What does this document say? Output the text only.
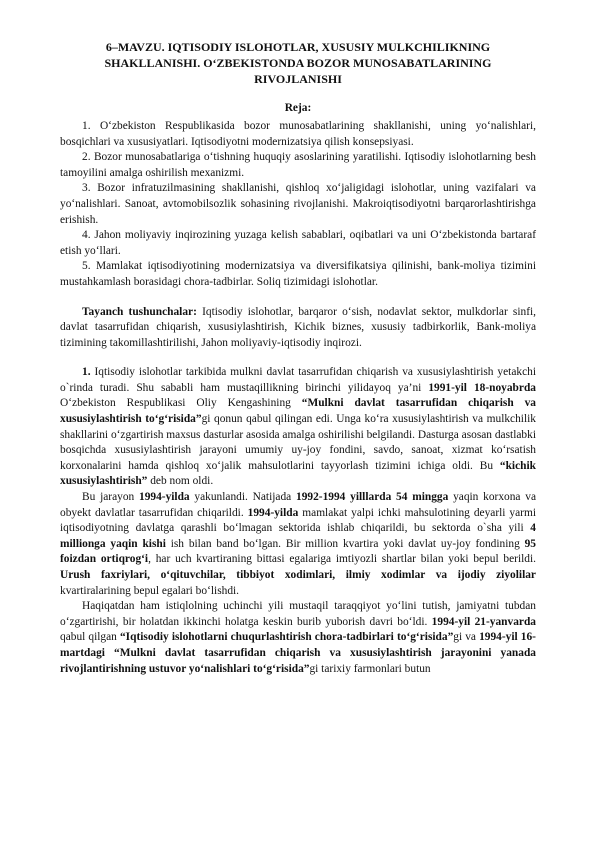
6–MAVZU. IQTISODIY ISLOHOTLAR, XUSUSIY MULKCHILIKNING
SHAKLLANISHI. O‘ZBEKISTONDA BOZOR MUNOSABATLARINING
RIVOJLANISHI
Reja:

1. O‘zbekiston Respublikasida bozor munosabatlarining shakllanishi, uning yo‘nalishlari, bosqichlari va xususiyatlari. Iqtisodiyotni modernizatsiya qilish konsepsiyasi.

2. Bozor munosabatlariga o‘tishning huquqiy asoslarining yaratilishi. Iqtisodiy islohotlarning besh tamoyilini amalga oshirilish mexanizmi.

3. Bozor infratuzilmasining shakllanishi, qishloq xo‘jaligidagi islohotlar, uning vazifalari va yo‘nalishlari. Sanoat, avtomobilsozlik sohasining rivojlanishi. Makroiqtisodiyotni barqarorlashtirishga erishish.

4. Jahon moliyaviy inqirozining yuzaga kelish sabablari, oqibatlari va uni O‘zbekistonda bartaraf etish yo‘llari.

5. Mamlakat iqtisodiyotining modernizatsiya va diversifikatsiya qilinishi, bank-moliya tizimini mustahkamlash borasidagi chora-tadbirlar. Soliq tizimidagi islohotlar.

Tayanch tushunchalar: Iqtisodiy islohotlar, barqaror o‘sish, nodavlat sektor, mulkdorlar sinfi, davlat tasarrufidan chiqarish, xususiylashtirish, Kichik biznes, xususiy tadbirkorlik, Bank-moliya tizimining takomillashtirilishi, Jahon moliyaviy-iqtisodiy inqirozi.

1. Iqtisodiy islohotlar tarkibida mulkni davlat tasarrufidan chiqarish va xususiylashtirish yetakchi o`rinda turadi. Shu sababli ham mustaqillikning birinchi yilidayoq ya’ni 1991-yil 18-noyabrda O‘zbekiston Respublikasi Oliy Kengashining “Mulkni davlat tasarrufidan chiqarish va xususiylashtirish to‘g‘risida”gi qonun qabul qilingan edi. Unga ko‘ra xususiylashtirish va mulkchilik shakllarini o‘zgartirish maxsus dasturlar asosida amalga oshirilishi belgilandi. Dasturga asosan dastlabki bosqichda xususiylashtirish jarayoni umumiy uy-joy fondini, savdo, sanoat, xizmat ko‘rsatish korxonalarini hamda qishloq xo‘jalik mahsulotlarini tayyorlash tizimini ichiga oldi. Bu “kichik xususiylashtirish” deb nom oldi.

Bu jarayon 1994-yilda yakunlandi. Natijada 1992-1994 yilllarda 54 mingga yaqin korxona va obyekt davlatlar tasarrufidan chiqarildi. 1994-yilda mamlakat yalpi ichki mahsulotining deyarli yarmi iqtisodiyotning davlatga qarashli bo‘lmagan sektorida ishlab chiqarildi, bu sektorda o`sha yili 4 millionga yaqin kishi ish bilan band bo‘lgan. Bir million kvartira yoki davlat uy-joy fondining 95 foizdan ortiqrog‘i, har uch kvartiraning bittasi egalariga imtiyozli shartlar bilan yoki bepul berildi. Urush faxriylari, o‘qituvchilar, tibbiyot xodimlari, ilmiy xodimlar va ijodiy ziyolilar kvartiralarining bepul egalari bo‘lishdi.

Haqiqatdan ham istiqlolning uchinchi yili mustaqil taraqqiyot yo‘lini tutish, jamiyatni tubdan o‘zgartirishi, bir holatdan ikkinchi holatga keskin burib yuborish davri bo‘ldi. 1994-yil 21-yanvarda qabul qilgan “Iqtisodiy islohotlarni chuqurlashtirish chora-tadbirlari to‘g‘risida”gi va 1994-yil 16-martdagi “Mulkni davlat tasarrufidan chiqarish va xususiylashtirish jarayonini yanada rivojlantirishning ustuvor yo‘nalishlari to‘g‘risida”gi tarixiy farmonlari butun
